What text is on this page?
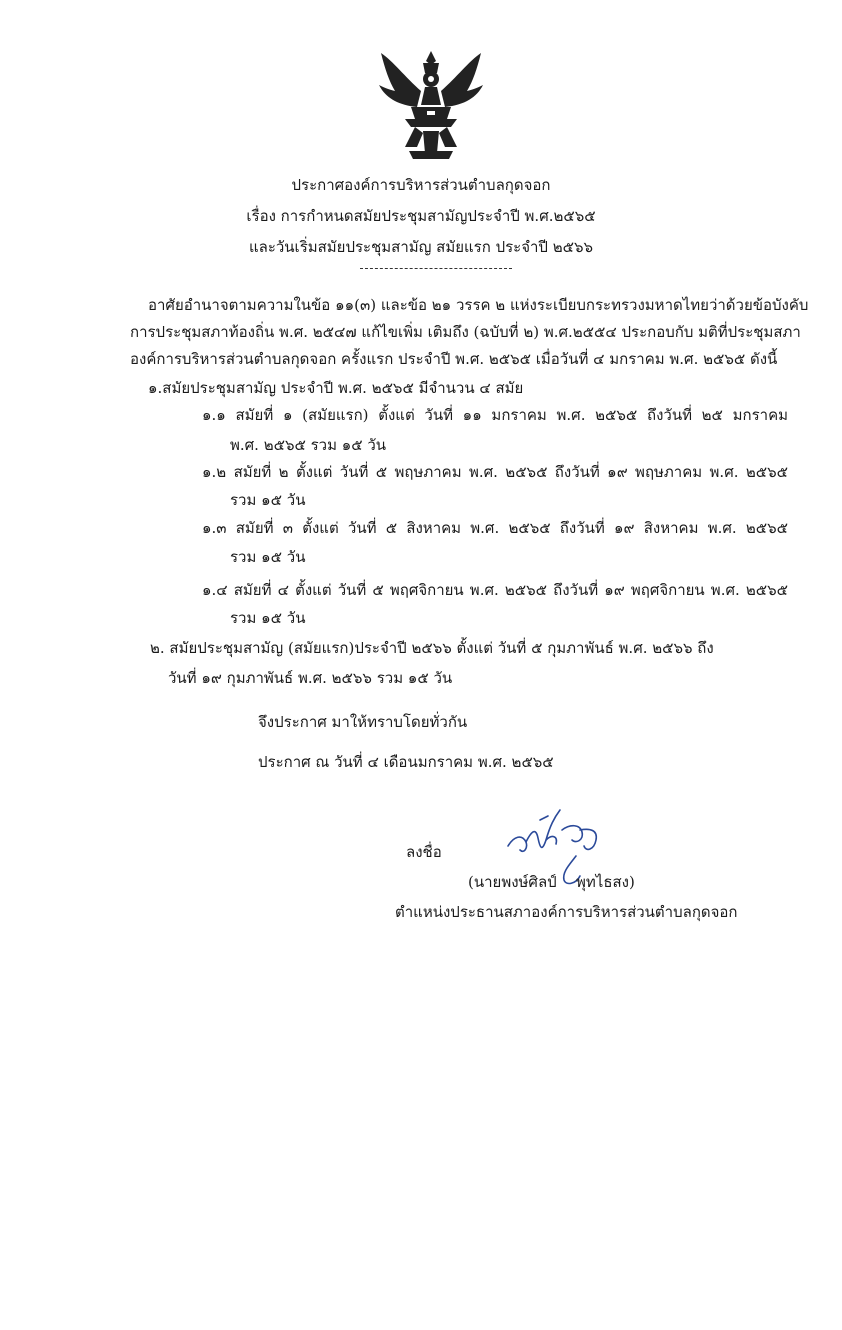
ประกาศองค์การบริหารส่วนตำบลกุดจอก
เรื่อง การกำหนดสมัยประชุมสามัญประจำปี พ.ศ.๒๕๖๕
และวันเริ่มสมัยประชุมสามัญ สมัยแรก ประจำปี ๒๕๖๖
อาศัยอำนาจตามความในข้อ ๑๑(๓) และข้อ ๒๑ วรรค ๒ แห่งระเบียบกระทรวงมหาดไทยว่าด้วยข้อบังคับ
การประชุมสภาท้องถิ่น พ.ศ. ๒๕๔๗ แก้ไขเพิ่ม เติมถึง (ฉบับที่ ๒) พ.ศ.๒๕๕๔ ประกอบกับ มติที่ประชุมสภา
องค์การบริหารส่วนตำบลกุดจอก ครั้งแรก ประจำปี พ.ศ. ๒๕๖๕ เมื่อวันที่ ๔ มกราคม พ.ศ. ๒๕๖๕ ดังนี้
๑.สมัยประชุมสามัญ ประจำปี พ.ศ. ๒๕๖๕ มีจำนวน ๔ สมัย
๑.๑ สมัยที่ ๑ (สมัยแรก) ตั้งแต่ วันที่ ๑๑ มกราคม พ.ศ. ๒๕๖๕ ถึงวันที่ ๒๕ มกราคม
พ.ศ. ๒๕๖๕ รวม ๑๕ วัน
๑.๒ สมัยที่ ๒ ตั้งแต่ วันที่ ๕ พฤษภาคม พ.ศ. ๒๕๖๕ ถึงวันที่ ๑๙ พฤษภาคม พ.ศ. ๒๕๖๕
รวม ๑๕ วัน
๑.๓ สมัยที่ ๓ ตั้งแต่ วันที่ ๕ สิงหาคม พ.ศ. ๒๕๖๕ ถึงวันที่ ๑๙ สิงหาคม พ.ศ. ๒๕๖๕
รวม ๑๕ วัน
๑.๔ สมัยที่ ๔ ตั้งแต่ วันที่ ๕ พฤศจิกายน พ.ศ. ๒๕๖๕ ถึงวันที่ ๑๙ พฤศจิกายน พ.ศ. ๒๕๖๕
รวม ๑๕ วัน
๒. สมัยประชุมสามัญ (สมัยแรก)ประจำปี ๒๕๖๖ ตั้งแต่ วันที่ ๕ กุมภาพันธ์ พ.ศ. ๒๕๖๖ ถึง
วันที่ ๑๙ กุมภาพันธ์ พ.ศ. ๒๕๖๖ รวม ๑๕ วัน
จึงประกาศ มาให้ทราบโดยทั่วกัน
ประกาศ ณ วันที่ ๔ เดือนมกราคม พ.ศ. ๒๕๖๕
ลงชื่อ
(นายพงษ์ศิลป์ พุทไธสง)
ตำแหน่งประธานสภาองค์การบริหารส่วนตำบลกุดจอก
